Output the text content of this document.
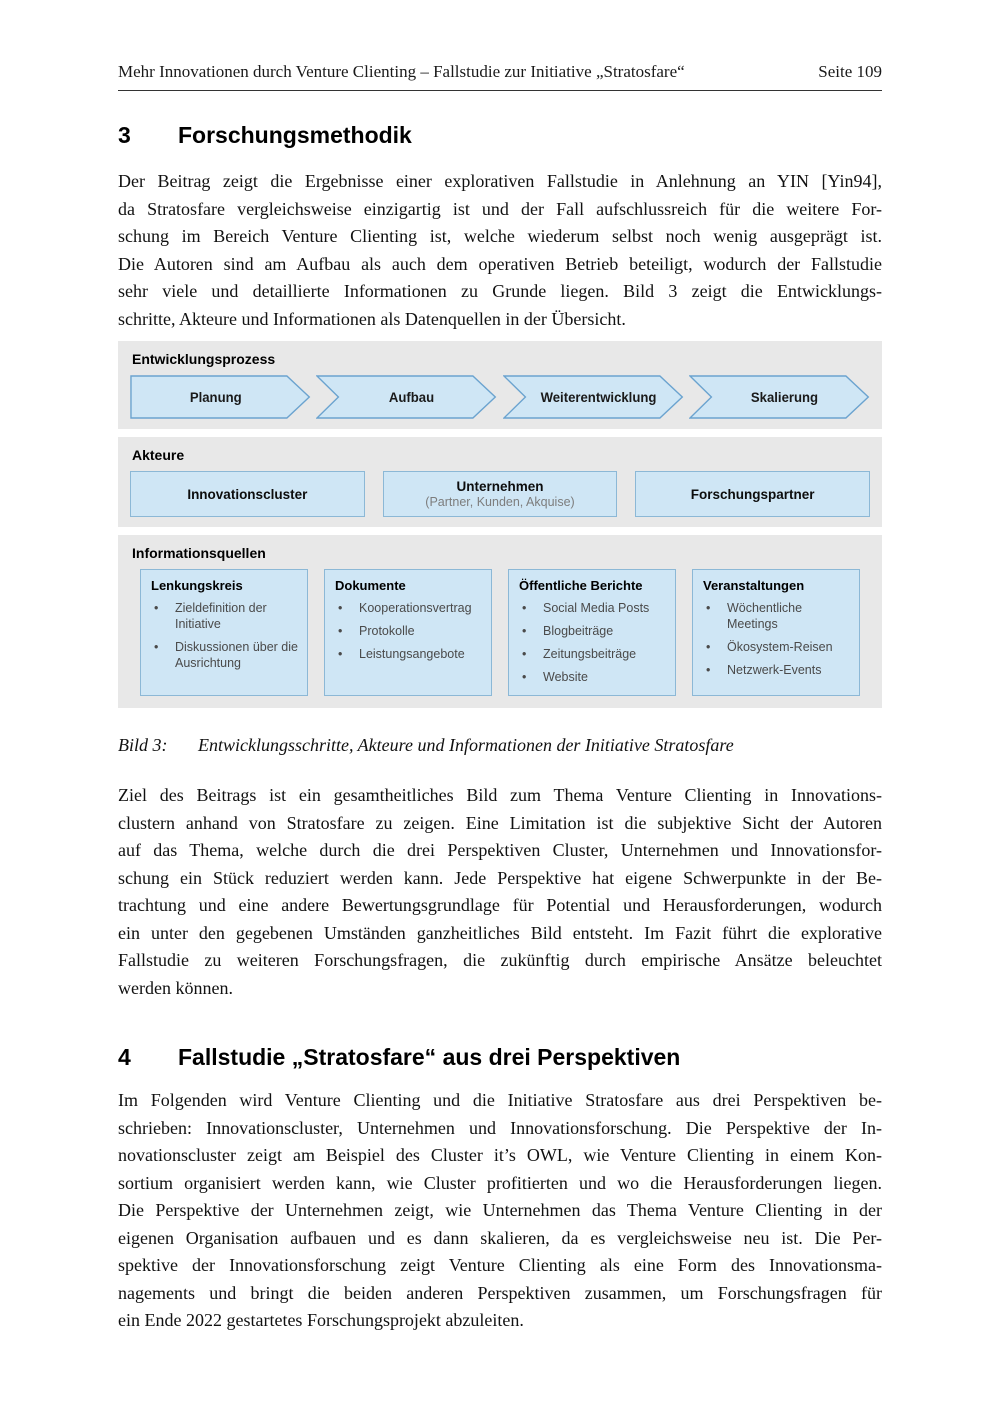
Mehr Innovationen durch Venture Clienting – Fallstudie zur Initiative „Stratosfare“	Seite 109
3	Forschungsmethodik
Der Beitrag zeigt die Ergebnisse einer explorativen Fallstudie in Anlehnung an YIN [Yin94],
da Stratosfare vergleichsweise einzigartig ist und der Fall aufschlussreich für die weitere For-
schung im Bereich Venture Clienting ist, welche wiederum selbst noch wenig ausgeprägt ist.
Die Autoren sind am Aufbau als auch dem operativen Betrieb beteiligt, wodurch der Fallstudie
sehr viele und detaillierte Informationen zu Grunde liegen. Bild 3 zeigt die Entwicklungs-
schritte, Akteure und Informationen als Datenquellen in der Übersicht.
Entwicklungsprozess
Planung	Aufbau	Weiterentwicklung	Skalierung
Akteure
Innovationscluster	Unternehmen
(Partner, Kunden, Akquise)
Forschungspartner
Informationsquellen
Lenkungskreis
•	Zieldefinition der Initiative
•	Diskussionen über die Ausrichtung
Dokumente
•	Kooperationsvertrag
•	Protokolle
•	Leistungsangebote
Öffentliche Berichte
•	Social Media Posts
•	Blogbeiträge
•	Zeitungsbeiträge
•	Website
Veranstaltungen
•	Wöchentliche Meetings
•	Ökosystem-Reisen
•	Netzwerk-Events
Bild 3:	Entwicklungsschritte, Akteure und Informationen der Initiative Stratosfare
Ziel des Beitrags ist ein gesamtheitliches Bild zum Thema Venture Clienting in Innovations-
clustern anhand von Stratosfare zu zeigen. Eine Limitation ist die subjektive Sicht der Autoren
auf das Thema, welche durch die drei Perspektiven Cluster, Unternehmen und Innovationsfor-
schung ein Stück reduziert werden kann. Jede Perspektive hat eigene Schwerpunkte in der Be-
trachtung und eine andere Bewertungsgrundlage für Potential und Herausforderungen, wodurch
ein unter den gegebenen Umständen ganzheitliches Bild entsteht. Im Fazit führt die explorative
Fallstudie zu weiteren Forschungsfragen, die zukünftig durch empirische Ansätze beleuchtet
werden können.
4	Fallstudie „Stratosfare“ aus drei Perspektiven
Im Folgenden wird Venture Clienting und die Initiative Stratosfare aus drei Perspektiven be-
schrieben: Innovationscluster, Unternehmen und Innovationsforschung. Die Perspektive der In-
novationscluster zeigt am Beispiel des Cluster it’s OWL, wie Venture Clienting in einem Kon-
sortium organisiert werden kann, wie Cluster profitierten und wo die Herausforderungen liegen.
Die Perspektive der Unternehmen zeigt, wie Unternehmen das Thema Venture Clienting in der
eigenen Organisation aufbauen und es dann skalieren, da es vergleichsweise neu ist. Die Per-
spektive der Innovationsforschung zeigt Venture Clienting als eine Form des Innovationsma-
nagements und bringt die beiden anderen Perspektiven zusammen, um Forschungsfragen für
ein Ende 2022 gestartetes Forschungsprojekt abzuleiten.
